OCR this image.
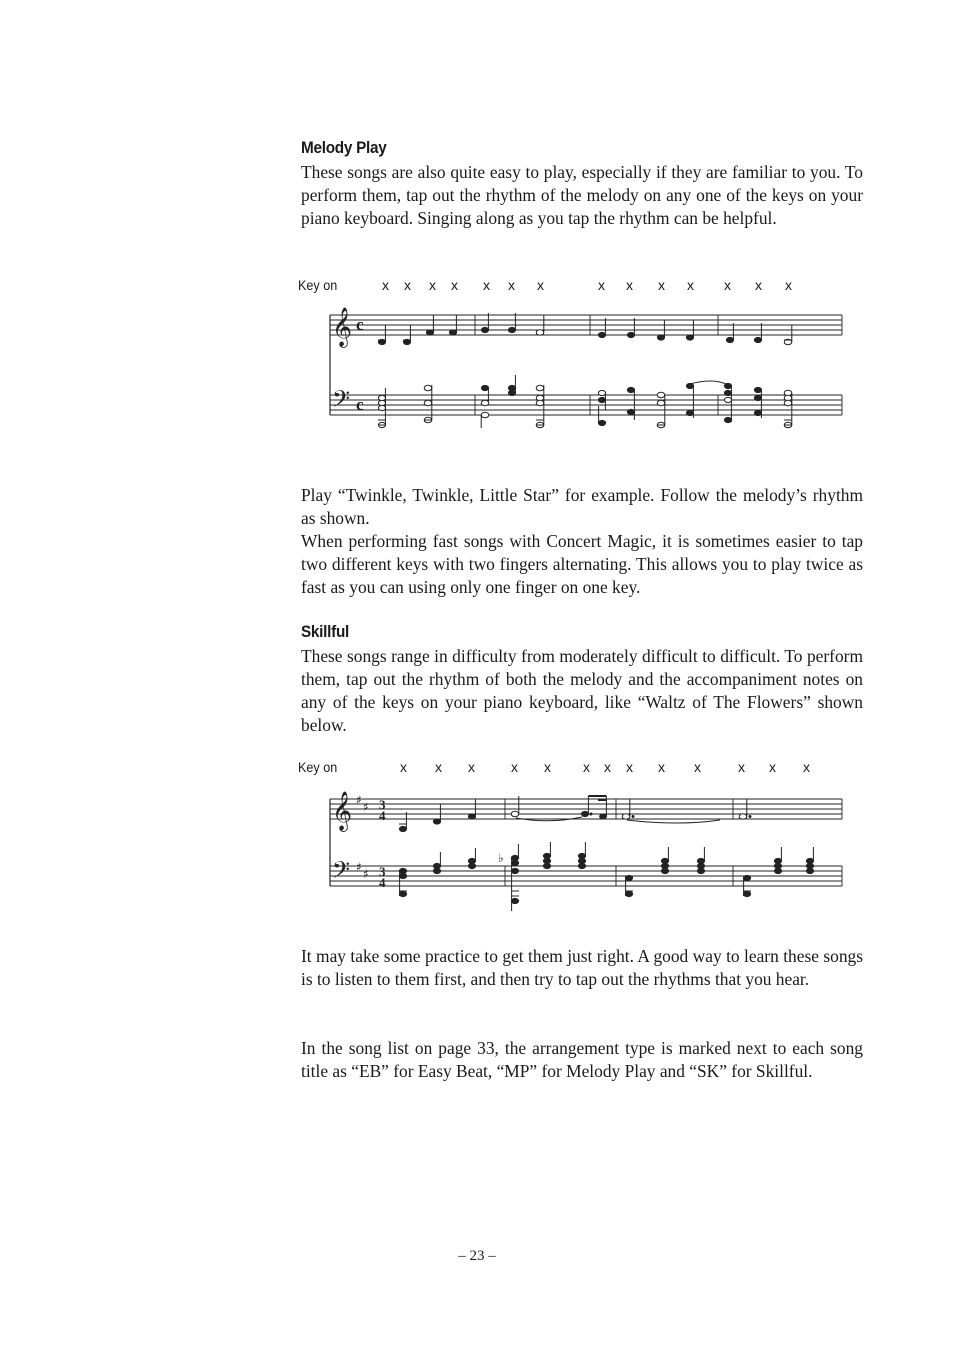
Melody Play

These songs are also quite easy to play, especially if they are familiar to you. To perform them, tap out the rhythm of the melody on any one of the keys on your piano keyboard. Singing along as you tap the rhythm can be helpful.

Key on	x x x x x x x	x x x x x x x
𝄞
𝄢
c
c

Play “Twinkle, Twinkle, Little Star” for example. Follow the melody’s rhythm as shown.

When performing fast songs with Concert Magic, it is sometimes easier to tap two different keys with two fingers alternating. This allows you to play twice as fast as you can using only one finger on one key.

Skillful

These songs range in difficulty from moderately difficult to difficult. To perform them, tap out the rhythm of both the melody and the accompaniment notes on any of the keys on your piano keyboard, like “Waltz of The Flowers” shown below.

Key on	x x x	x x x x x x x	x x x
𝄞
𝄢
♯ ♯
♯ ♯
3
4
3
4
♭

It may take some practice to get them just right. A good way to learn these songs is to listen to them first, and then try to tap out the rhythms that you hear.

In the song list on page 33, the arrangement type is marked next to each song title as “EB” for Easy Beat, “MP” for Melody Play and “SK” for Skillful.

– 23 –
